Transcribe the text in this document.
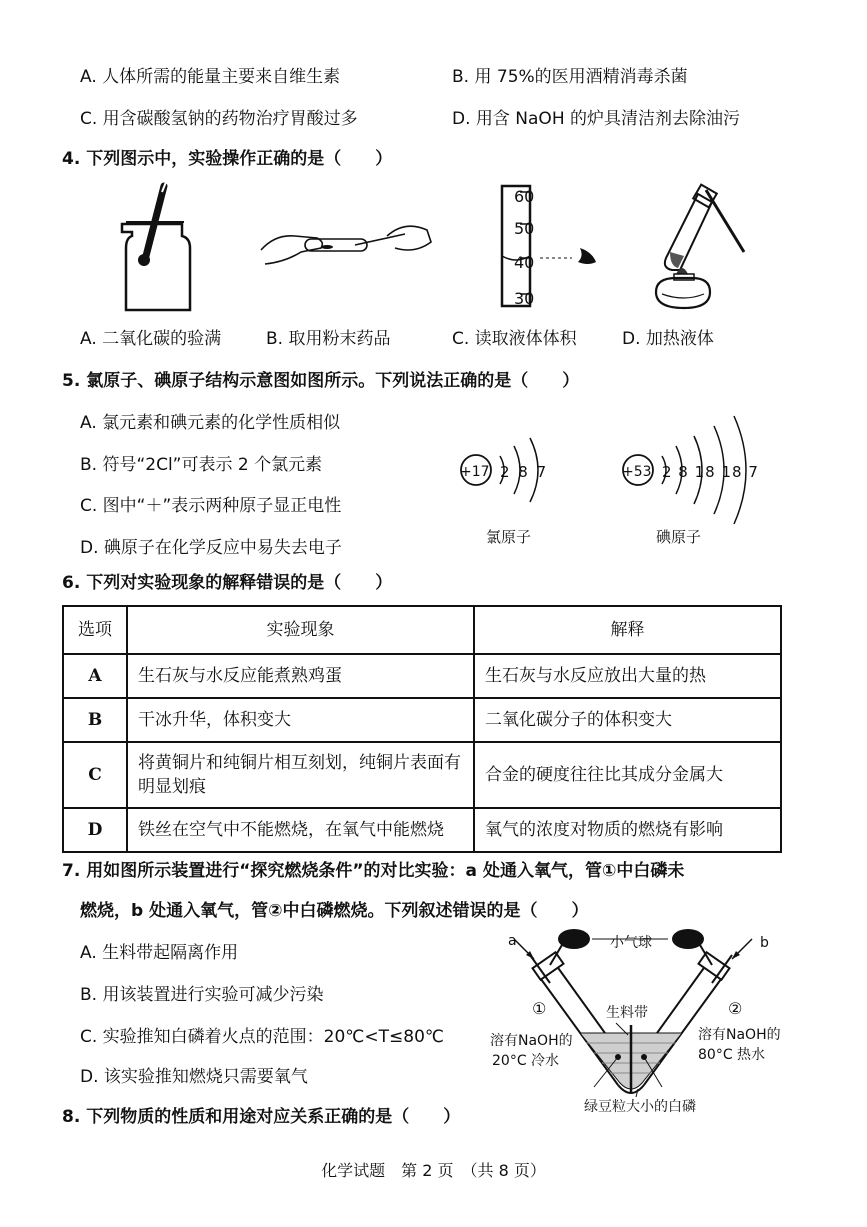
A. 人体所需的能量主要来自维生素	B. 用 75%的医用酒精消毒杀菌
C. 用含碳酸氢钠的药物治疗胃酸过多	D. 用含 NaOH 的炉具清洁剂去除油污
4. 下列图示中，实验操作正确的是（　　）
60
50
40
30
A. 二氧化碳的验满	B. 取用粉末药品	C. 读取液体体积	D. 加热液体
5. 氯原子、碘原子结构示意图如图所示。下列说法正确的是（　　）
A. 氯元素和碘元素的化学性质相似
B. 符号“2Cl”可表示 2 个氯元素
C. 图中“＋”表示两种原子显正电性
D. 碘原子在化学反应中易失去电子
+17 2 8 7
氯原子
+53 2 8 18 18 7
碘原子
6. 下列对实验现象的解释错误的是（　　）
选项	实验现象	解释
A	生石灰与水反应能煮熟鸡蛋	生石灰与水反应放出大量的热
B	干冰升华，体积变大	二氧化碳分子的体积变大
C	将黄铜片和纯铜片相互刻划，纯铜片表面有明显划痕	合金的硬度往往比其成分金属大
D	铁丝在空气中不能燃烧，在氧气中能燃烧	氧气的浓度对物质的燃烧有影响
7. 用如图所示装置进行“探究燃烧条件”的对比实验：a 处通入氧气，管①中白磷未
燃烧，b 处通入氧气，管②中白磷燃烧。下列叙述错误的是（　　）
A. 生料带起隔离作用
B. 用该装置进行实验可减少污染
C. 实验推知白磷着火点的范围：20℃<T≤80℃
D. 该实验推知燃烧只需要氧气
a	b
小气球
①	②
生料带
溶有NaOH的
20°C 冷水
溶有NaOH的
80°C 热水
绿豆粒大小的白磷
8. 下列物质的性质和用途对应关系正确的是（　　）
化学试题　第 2 页　（共 8 页）
